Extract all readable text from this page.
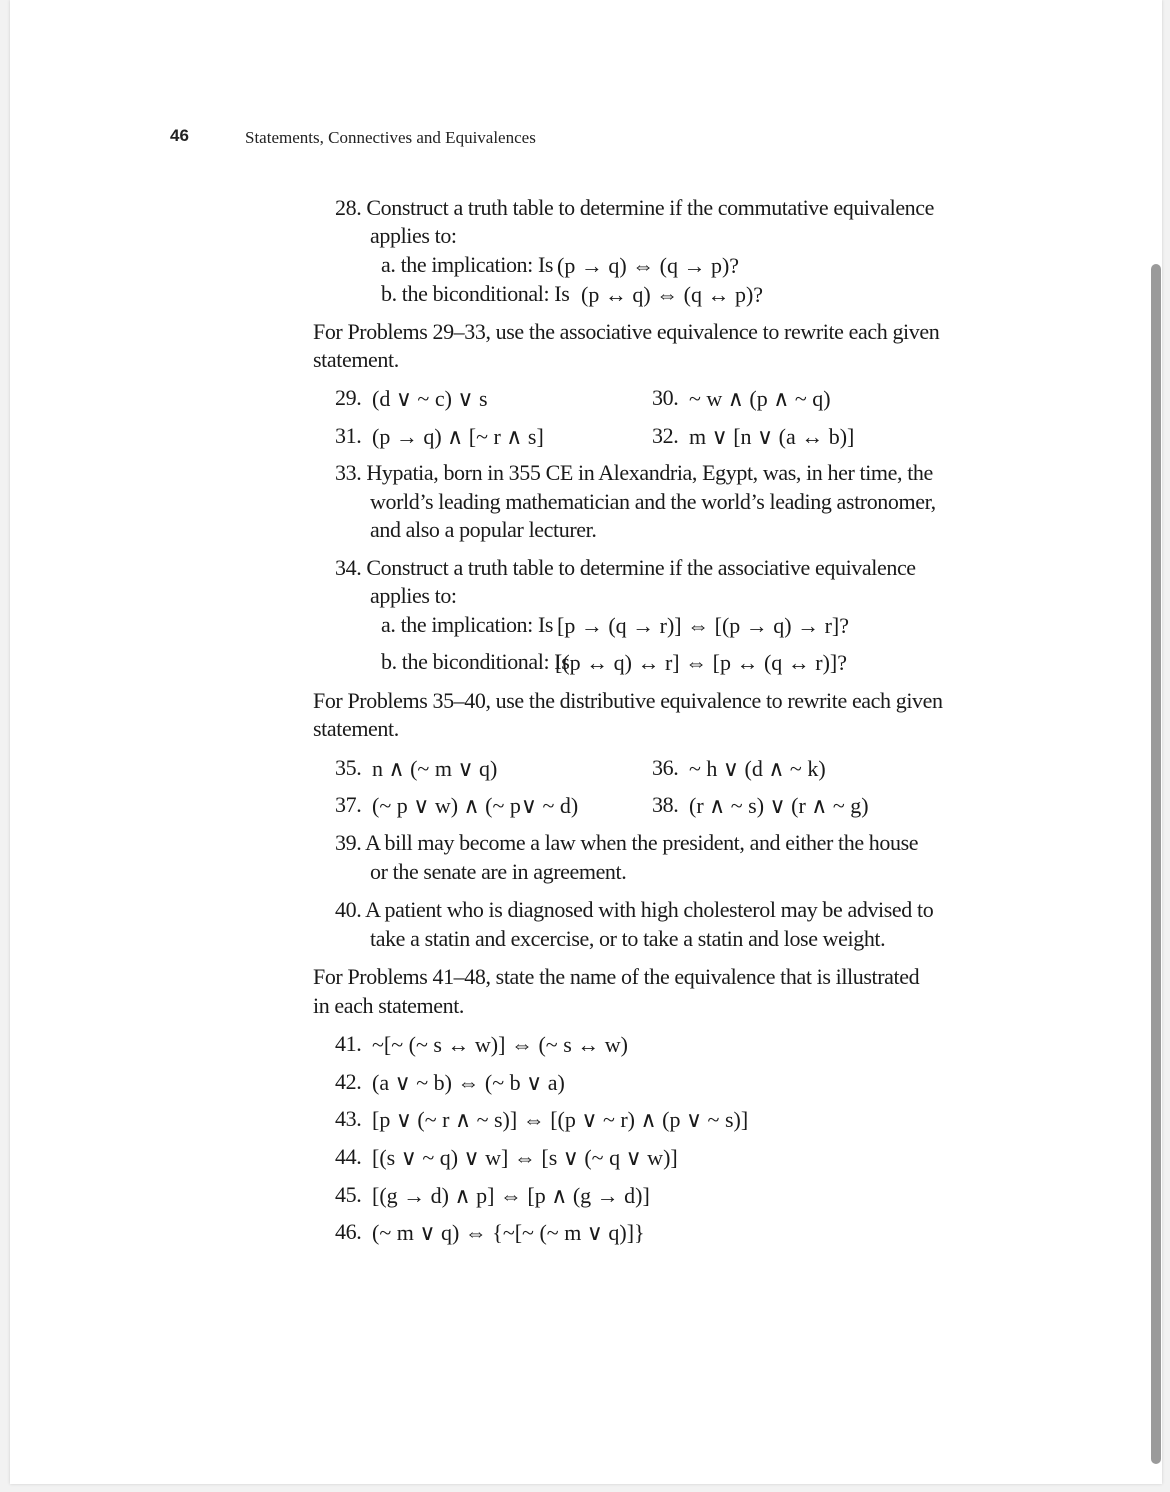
46	Statements, Connectives and Equivalences
28. Construct a truth table to determine if the commutative equivalence
applies to:
a. the implication: Is (p → q) ⇔ (q → p)?
b. the biconditional: Is (p ↔ q) ⇔ (q ↔ p)?
For Problems 29–33, use the associative equivalence to rewrite each given
statement.
29. (d ∨ ~ c) ∨ s	30. ~ w ∧ (p ∧ ~ q)
31. (p → q) ∧ [~ r ∧ s]	32. m ∨ [n ∨ (a ↔ b)]
33. Hypatia, born in 355 CE in Alexandria, Egypt, was, in her time, the
world’s leading mathematician and the world’s leading astronomer,
and also a popular lecturer.
34. Construct a truth table to determine if the associative equivalence
applies to:
a. the implication: Is [p → (q → r)] ⇔ [(p → q) → r]?
b. the biconditional: Is
[(p ↔ q) ↔ r] ⇔ [p ↔ (q ↔ r)]?
For Problems 35–40, use the distributive equivalence to rewrite each given
statement.
35. n ∧ (~ m ∨ q)	36. ~ h ∨ (d ∧ ~ k)
37. (~ p ∨ w) ∧ (~ p∨ ~ d)	38. (r ∧ ~ s) ∨ (r ∧ ~ g)
39. A bill may become a law when the president, and either the house
or the senate are in agreement.
40. A patient who is diagnosed with high cholesterol may be advised to
take a statin and excercise, or to take a statin and lose weight.
For Problems 41–48, state the name of the equivalence that is illustrated
in each statement.
41. ~[~ (~ s ↔ w)] ⇔ (~ s ↔ w)
42. (a ∨ ~ b) ⇔ (~ b ∨ a)
43. [p ∨ (~ r ∧ ~ s)] ⇔ [(p ∨ ~ r) ∧ (p ∨ ~ s)]
44. [(s ∨ ~ q) ∨ w] ⇔ [s ∨ (~ q ∨ w)]
45. [(g → d) ∧ p] ⇔ [p ∧ (g → d)]
46. (~ m ∨ q) ⇔ {~[~ (~ m ∨ q)]}
